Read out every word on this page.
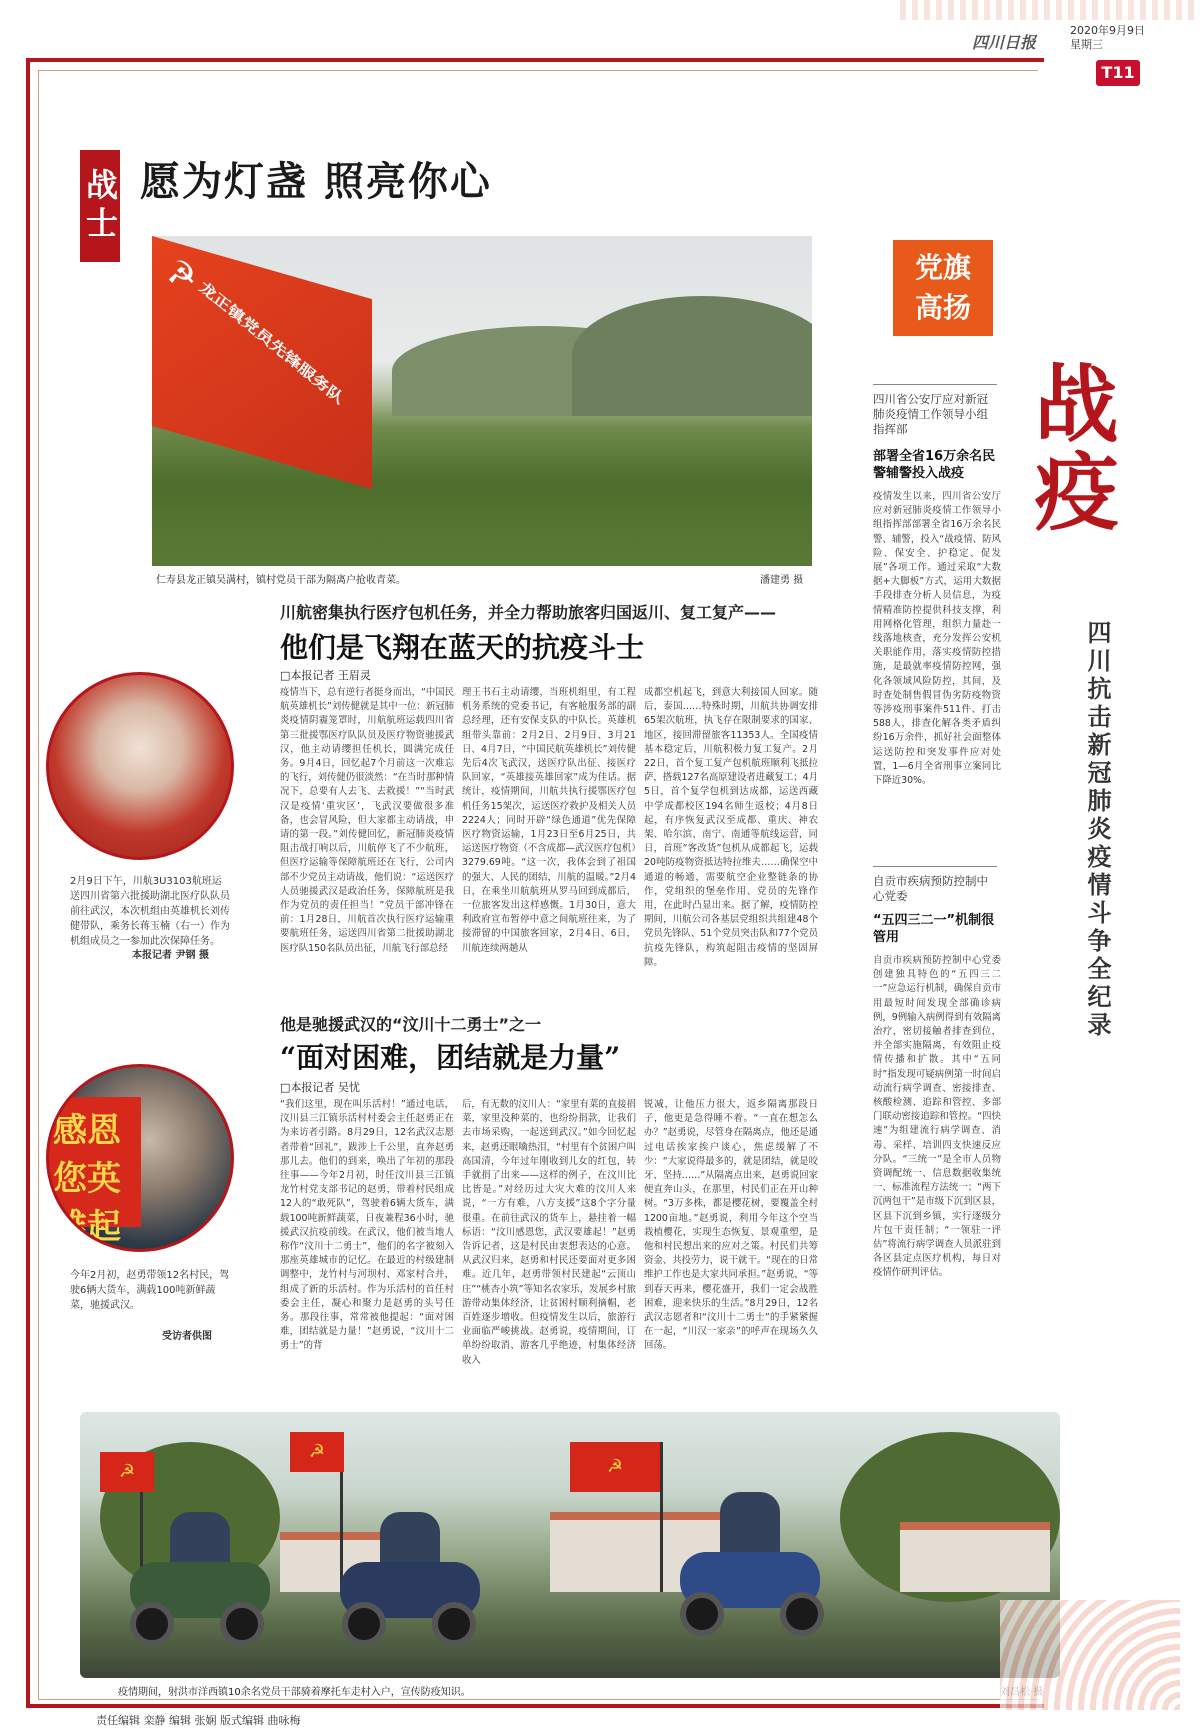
四川日报
2020年9月9日
星期三
T11
战士 愿为灯盏 照亮你心
☭
龙正镇党员先锋服务队
仁寿县龙正镇吴满村，镇村党员干部为隔离户抢收青菜。	潘建勇 摄
川航密集执行医疗包机任务，并全力帮助旅客归国返川、复工复产——
他们是飞翔在蓝天的抗疫斗士
□本报记者 王眉灵
疫情当下，总有逆行者挺身而出，“中国民航英雄机长”刘传健就是其中一位：新冠肺炎疫情阴霾笼罩时，川航航班运载四川省第三批援鄂医疗队队员及医疗物资驰援武汉，他主动请缨担任机长，圆满完成任务。9月4日，回忆起7个月前这一次难忘的飞行，刘传健仍很淡然：“在当时那种情况下，总要有人去飞、去救援！”“当时武汉是疫情‘重灾区’，飞武汉要做很多准备，也会冒风险，但大家都主动请战，申请的第一段。”刘传健回忆，新冠肺炎疫情阻击战打响以后，川航停飞了不少航班，但医疗运输等保障航班还在飞行，公司内部不少党员主动请战，他们说：“运送医疗人员驰援武汉是政治任务，保障航班是我作为党员的责任担当！”党员干部冲锋在前：1月28日，川航首次执行医疗运输重要航班任务，运送四川省第二批援助湖北医疗队150名队员出征，川航飞行部总经
理王书石主动请缨，当班机组里，有工程机务系统的党委书记，有客舱服务部的副总经理，还有安保支队的中队长。英雄机组带头靠前：2月2日、2月9日、3月21日、4月7日，“中国民航英雄机长”刘传健先后4次飞武汉，送医疗队出征、接医疗队回家，“英雄接英雄回家”成为佳话。据统计，疫情期间，川航共执行援鄂医疗包机任务15架次，运送医疗救护及相关人员2224人；同时开辟“绿色通道”优先保障医疗物资运输，1月23日至6月25日，共运送医疗物资（不含成都—武汉医疗包机）3279.69吨。“这一次，我体会到了祖国的强大、人民的团结，川航的温暖。”2月4日，在乘坐川航航班从罗马回到成都后，一位旅客发出这样感慨。1月30日，意大利政府宣布暂停中意之间航班往来，为了接滞留的中国旅客回家，2月4日、6日，川航连续两趟从
成都空机起飞，到意大利接国人回家。随后，泰国……特殊时期，川航共协调安排65架次航班，执飞存在限制要求的国家、地区，接回滞留旅客11353人。全国疫情基本稳定后，川航积极力复工复产。2月22日，首个复工复产包机航班顺利飞抵拉萨，搭载127名高原建设者进藏复工；4月5日，首个复学包机到达成都，运送西藏中学成都校区194名师生返校；4月8日起，有序恢复武汉至成都、重庆、神农架、哈尔滨、南宁、南通等航线运营，同日，首班“客改货”包机从成都起飞，运载20吨防疫物资抵达特拉维夫……确保空中通道的畅通，需要航空企业整链条的协作，党组织的堡垒作用、党员的先锋作用，在此时凸显出来。据了解，疫情防控期间，川航公司各基层党组织共组建48个党员先锋队、51个党员突击队和77个党员抗疫先锋队，构筑起阻击疫情的坚固屏障。
2月9日下午，川航3U3103航班运送四川省第六批援助湖北医疗队队员前往武汉，本次机组由英雄机长刘传健带队，乘务长蒋玉楠（右一）作为机组成员之一参加此次保障任务。
本报记者 尹钢 摄
他是驰援武汉的“汶川十二勇士”之一
“面对困难，团结就是力量”
□本报记者 吴忧
“我们这里，现在叫乐活村！”通过电话，汶川县三江镇乐活村村委会主任赵勇正在为来访者引路。8月29日，12名武汉志愿者带着“回礼”，跋涉上千公里，直奔赵勇那儿去。他们的到来，唤出了年初的那段往事——今年2月初，时任汶川县三江镇龙竹村党支部书记的赵勇，带着村民组成12人的“敢死队”，驾驶着6辆大货车，满载100吨新鲜蔬菜，日夜兼程36小时，驰援武汉抗疫前线。在武汉，他们被当地人称作“汶川十二勇士”，他们的名字被刻入那座英雄城市的记忆。在最近的村级建制调整中，龙竹村与河坝村、邓家村合并，组成了新的乐活村。作为乐活村的首任村委会主任，凝心和聚力是赵勇的头号任务。那段往事，常常被他提起：“面对困难，团结就是力量！”赵勇说，“汶川十二勇士”的背
后，有无数的汶川人：“家里有菜的直接捐菜，家里没种菜的，也纷纷捐款，让我们去市场采购，一起送到武汉。”如今回忆起来，赵勇还眼噙热泪，“村里有个贫困户叫高国清，今年过年刚收到儿女的红包，转手就捐了出来——这样的例子，在汶川比比皆是。”对经历过大灾大难的汶川人来说，“一方有难，八方支援”这8个字分量很重。在前往武汉的货车上，悬挂着一幅标语：“汶川感恩您，武汉要雄起！”赵勇告诉记者，这是村民由衷想表达的心意。从武汉归来，赵勇和村民还要面对更多困难。近几年，赵勇带领村民建起“云顶山庄”“桃杏小筑”等知名农家乐，发展乡村旅游带动集体经济，让贫困村顺利摘帽，老百姓逐步增收。但疫情发生以后，旅游行业面临严峻挑战。赵勇说，疫情期间，订单纷纷取消、游客几乎绝迹，村集体经济收入
锐减，让他压力很大，返乡隔离那段日子，他更是急得睡不着。“一直在想怎么办？”赵勇说，尽管身在隔离点，他还是通过电话挨家挨户谈心，焦虑缓解了不少：“大家说得最多的，就是团结，就是咬牙、坚持……”从隔离点出来，赵勇说回家便直奔山头，在那里，村民们正在开山种树。“3万多株，都是樱花树，要覆盖全村1200亩地。”赵勇说，利用今年这个空当栽植樱花，实现生态恢复、景观重塑，是他和村民想出来的应对之策。村民们共筹资金、共投劳力，说干就干。“现在的日常维护工作也是大家共同承担。”赵勇说，“等到春天再来，樱花盛开，我们一定会战胜困难，迎来快乐的生活。”8月29日，12名武汉志愿者和“汶川十二勇士”的手紧紧握在一起，“川汉一家亲”的呼声在现场久久回荡。
感恩您英雄起
今年2月初，赵勇带领12名村民，驾驶6辆大货车，满载100吨新鲜蔬菜，驰援武汉。
受访者供图
党旗
高扬
四川省公安厅应对新冠肺炎疫情工作领导小组指挥部
部署全省16万余名民警辅警投入战疫
疫情发生以来，四川省公安厅应对新冠肺炎疫情工作领导小组指挥部部署全省16万余名民警、辅警，投入“战疫情、防风险、保安全、护稳定、促发展”各项工作。通过采取“大数据+大脚板”方式，运用大数据手段排查分析人员信息，为疫情精准防控提供科技支撑，利用网格化管理，组织力量赴一线落地核查，充分发挥公安机关职能作用，落实疫情防控措施，是最就率疫情防控网，强化各领域风险防控，其间，及时查处制售假冒伪劣防疫物资等涉疫刑事案件511件、打击588人，排查化解各类矛盾纠纷16万余件，抓好社会面整体运送防控和突发事件应对处置，1—6月全省刑事立案同比下降近30%。
自贡市疾病预防控制中心党委
“五四三二一”机制很管用
自贡市疾病预防控制中心党委创建独具特色的“五四三二一”应急运行机制，确保自贡市用最短时间发现全部确诊病例，9例输入病例得到有效隔离治疗，密切接触者排查到位，并全部实施隔离，有效阻止疫情传播和扩散。其中“五同时”指发现可疑病例第一时间启动流行病学调查、密接排查、核酸检测、追踪和管控、多部门联动密接追踪和管控。“四快速”为组建流行病学调查、消毒、采样、培训四支快速反应分队。“三统一”是全市人员物资调配统一、信息数据收集统一、标准流程方法统一；“两下沉两包干”是市级下沉到区县，区县下沉到乡镇，实行逐级分片包干责任制；“一领驻一评估”将流行病学调查人员派驻到各区县定点医疗机构，每日对疫情作研判评估。
战疫
四川抗击新冠肺炎疫情斗争全纪录
☭
☭
☭
疫情期间，射洪市洋西镇10余名党员干部骑着摩托车走村入户，宣传防疫知识。
责任编辑 栾静 编辑 张娴 版式编辑 曲咏梅
